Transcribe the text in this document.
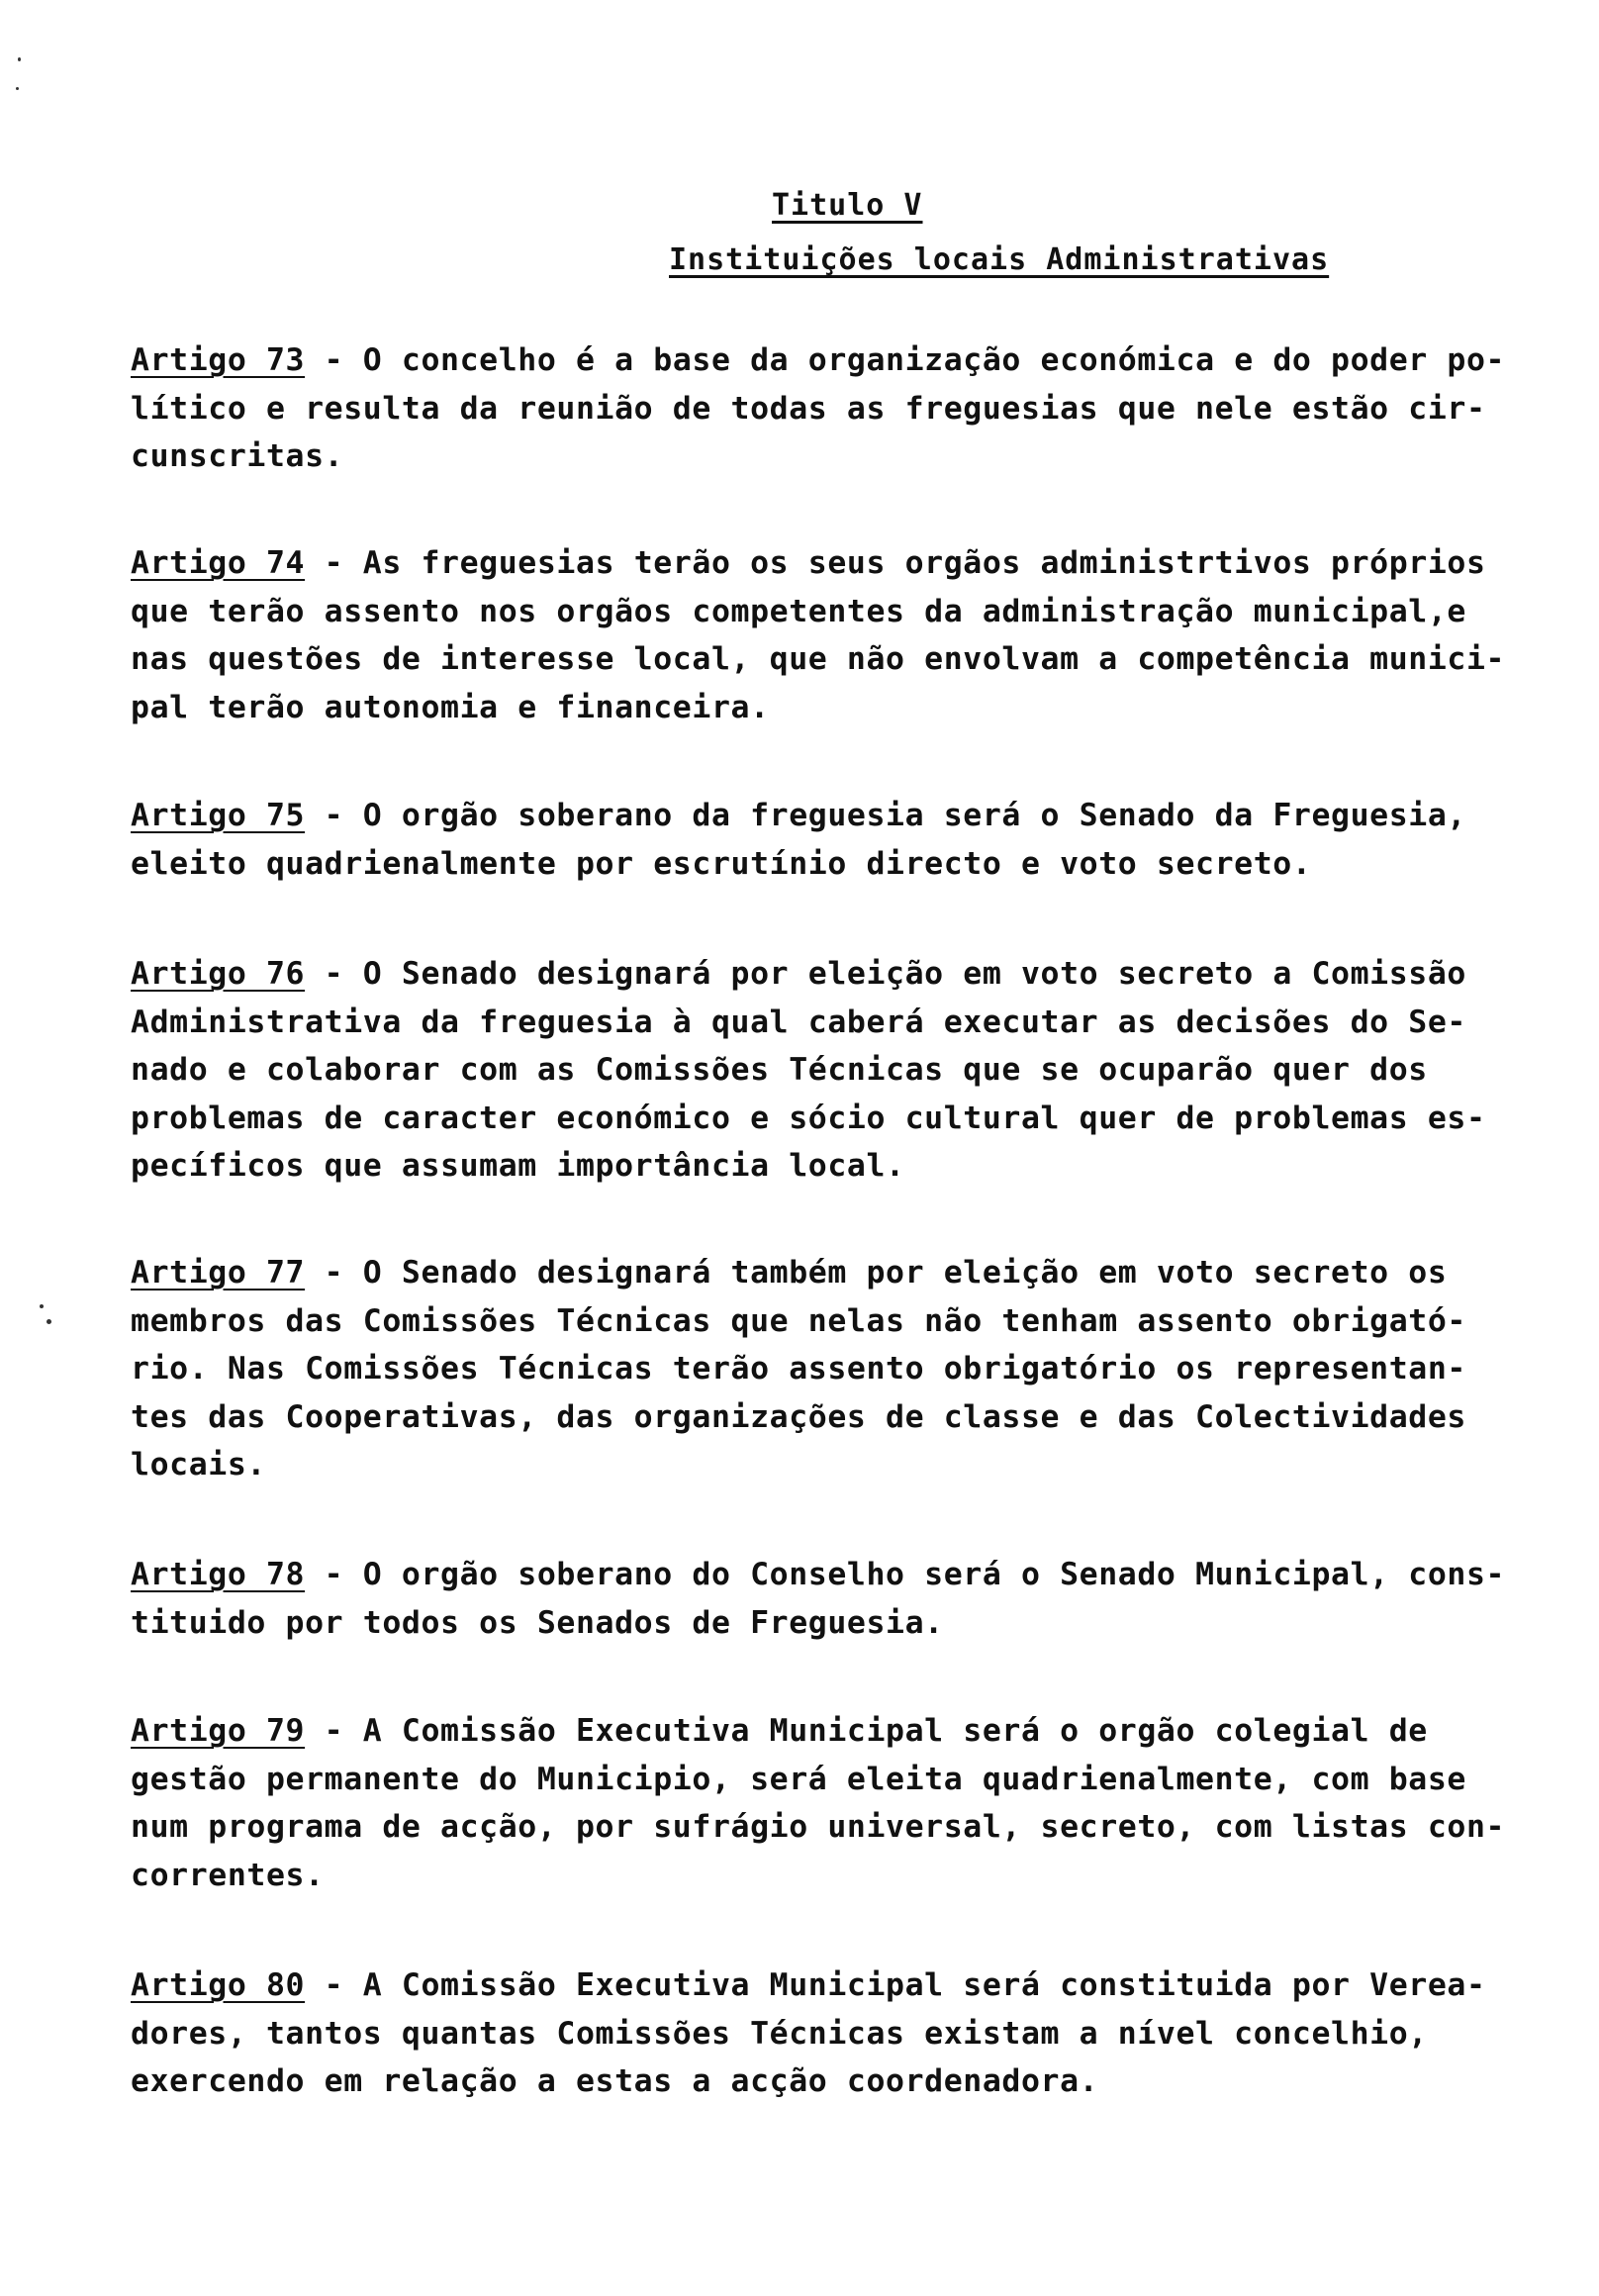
Titulo V
Instituições locais Administrativas
Artigo 73 - O concelho é a base da organização económica e do poder po-
lítico e resulta da reunião de todas as freguesias que nele estão cir-
cunscritas.
Artigo 74 - As freguesias terão os seus orgãos administrtivos próprios
que terão assento nos orgãos competentes da administração municipal,e
nas questões de interesse local, que não envolvam a competência munici-
pal terão autonomia e financeira.
Artigo 75 - O orgão soberano da freguesia será o Senado da Freguesia,
eleito quadrienalmente por escrutínio directo e voto secreto.
Artigo 76 - O Senado designará por eleição em voto secreto a Comissão
Administrativa da freguesia à qual caberá executar as decisões do Se-
nado e colaborar com as Comissões Técnicas que se ocuparão quer dos
problemas de caracter económico e sócio cultural quer de problemas es-
pecíficos que assumam importância local.
Artigo 77 - O Senado designará também por eleição em voto secreto os
membros das Comissões Técnicas que nelas não tenham assento obrigató-
rio. Nas Comissões Técnicas terão assento obrigatório os representan-
tes das Cooperativas, das organizações de classe e das Colectividades
locais.
Artigo 78 - O orgão soberano do Conselho será o Senado Municipal, cons-
tituido por todos os Senados de Freguesia.
Artigo 79 - A Comissão Executiva Municipal será o orgão colegial de
gestão permanente do Municipio, será eleita quadrienalmente, com base
num programa de acção, por sufrágio universal, secreto, com listas con-
correntes.
Artigo 80 - A Comissão Executiva Municipal será constituida por Verea-
dores, tantos quantas Comissões Técnicas existam a nível concelhio,
exercendo em relação a estas a acção coordenadora.
